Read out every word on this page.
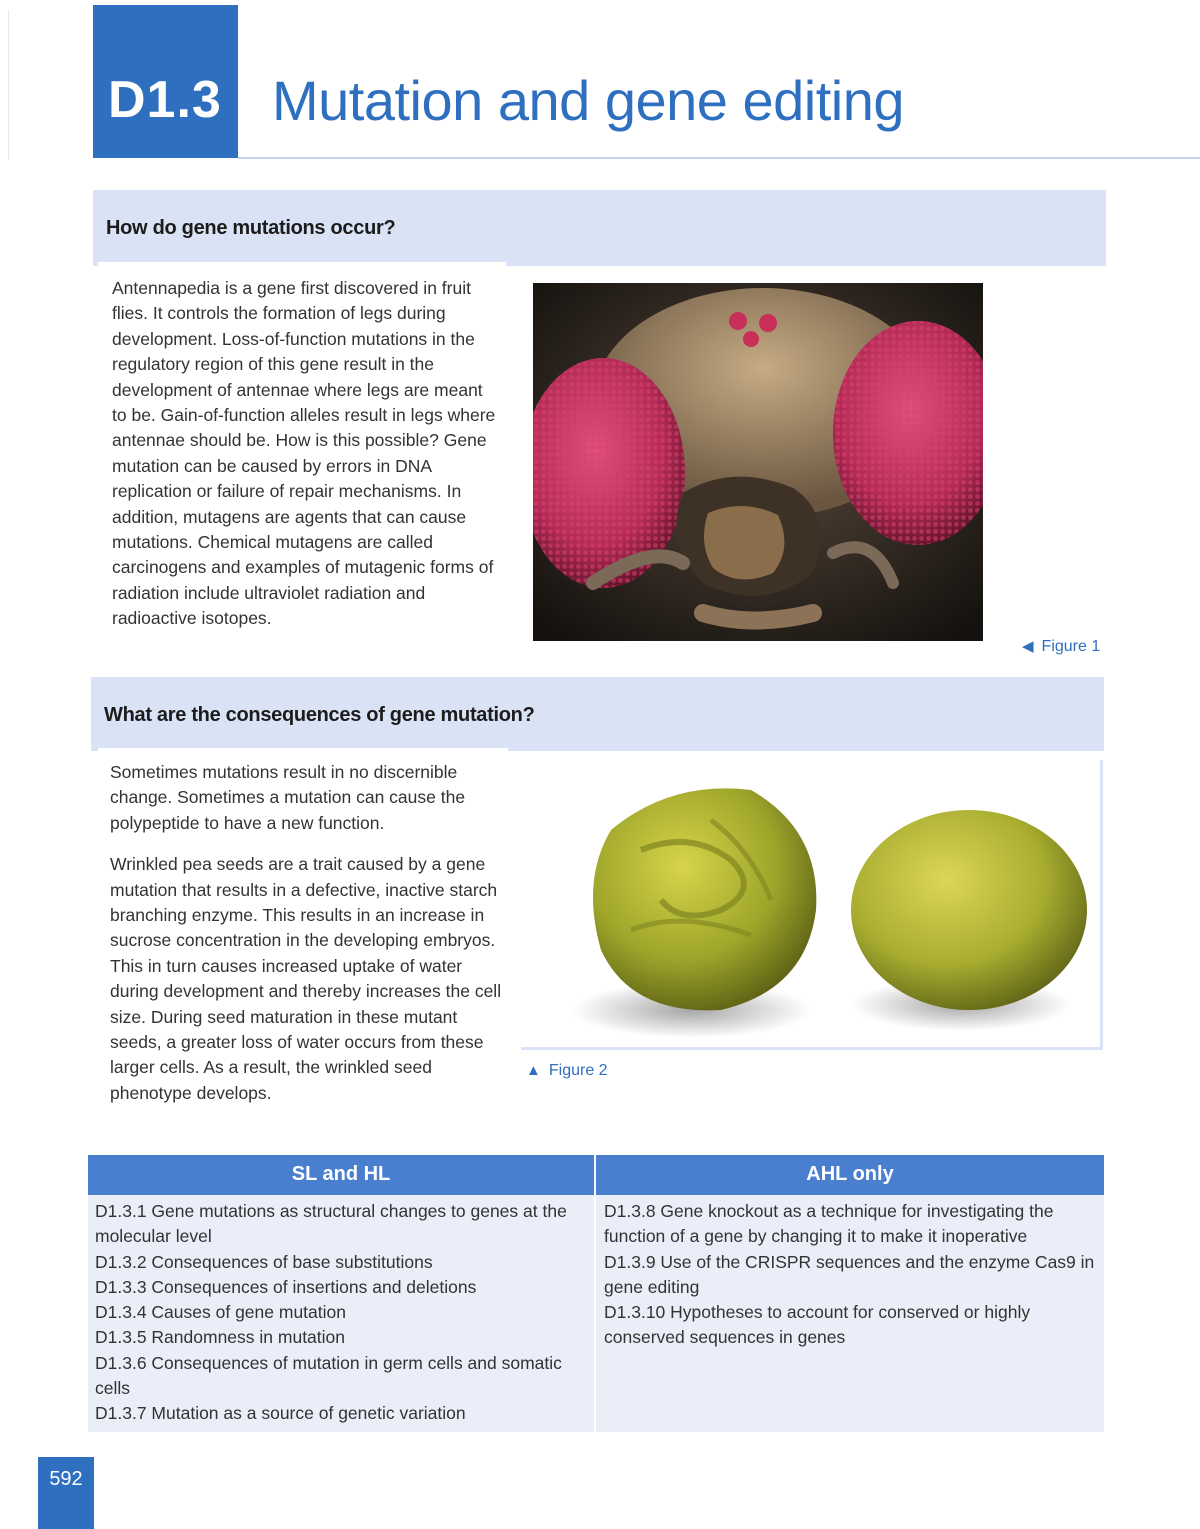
D1.3 Mutation and gene editing
How do gene mutations occur?

Antennapedia is a gene first discovered in fruit flies. It controls the formation of legs during development. Loss-of-function mutations in the regulatory region of this gene result in the development of antennae where legs are meant to be. Gain-of-function alleles result in legs where antennae should be. How is this possible? Gene mutation can be caused by errors in DNA replication or failure of repair mechanisms. In addition, mutagens are agents that can cause mutations. Chemical mutagens are called carcinogens and examples of mutagenic forms of radiation include ultraviolet radiation and radioactive isotopes.

◀ Figure 1
What are the consequences of gene mutation?

Sometimes mutations result in no discernible change. Sometimes a mutation can cause the polypeptide to have a new function.

Wrinkled pea seeds are a trait caused by a gene mutation that results in a defective, inactive starch branching enzyme. This results in an increase in sucrose concentration in the developing embryos. This in turn causes increased uptake of water during development and thereby increases the cell size. During seed maturation in these mutant seeds, a greater loss of water occurs from these larger cells. As a result, the wrinkled seed phenotype develops.

▲ Figure 2
SL and HL	AHL only
D1.3.1 Gene mutations as structural changes to genes at the molecular level
D1.3.2 Consequences of base substitutions
D1.3.3 Consequences of insertions and deletions
D1.3.4 Causes of gene mutation
D1.3.5 Randomness in mutation
D1.3.6 Consequences of mutation in germ cells and somatic cells
D1.3.7 Mutation as a source of genetic variation
D1.3.8 Gene knockout as a technique for investigating the function of a gene by changing it to make it inoperative
D1.3.9 Use of the CRISPR sequences and the enzyme Cas9 in gene editing
D1.3.10 Hypotheses to account for conserved or highly conserved sequences in genes
592
